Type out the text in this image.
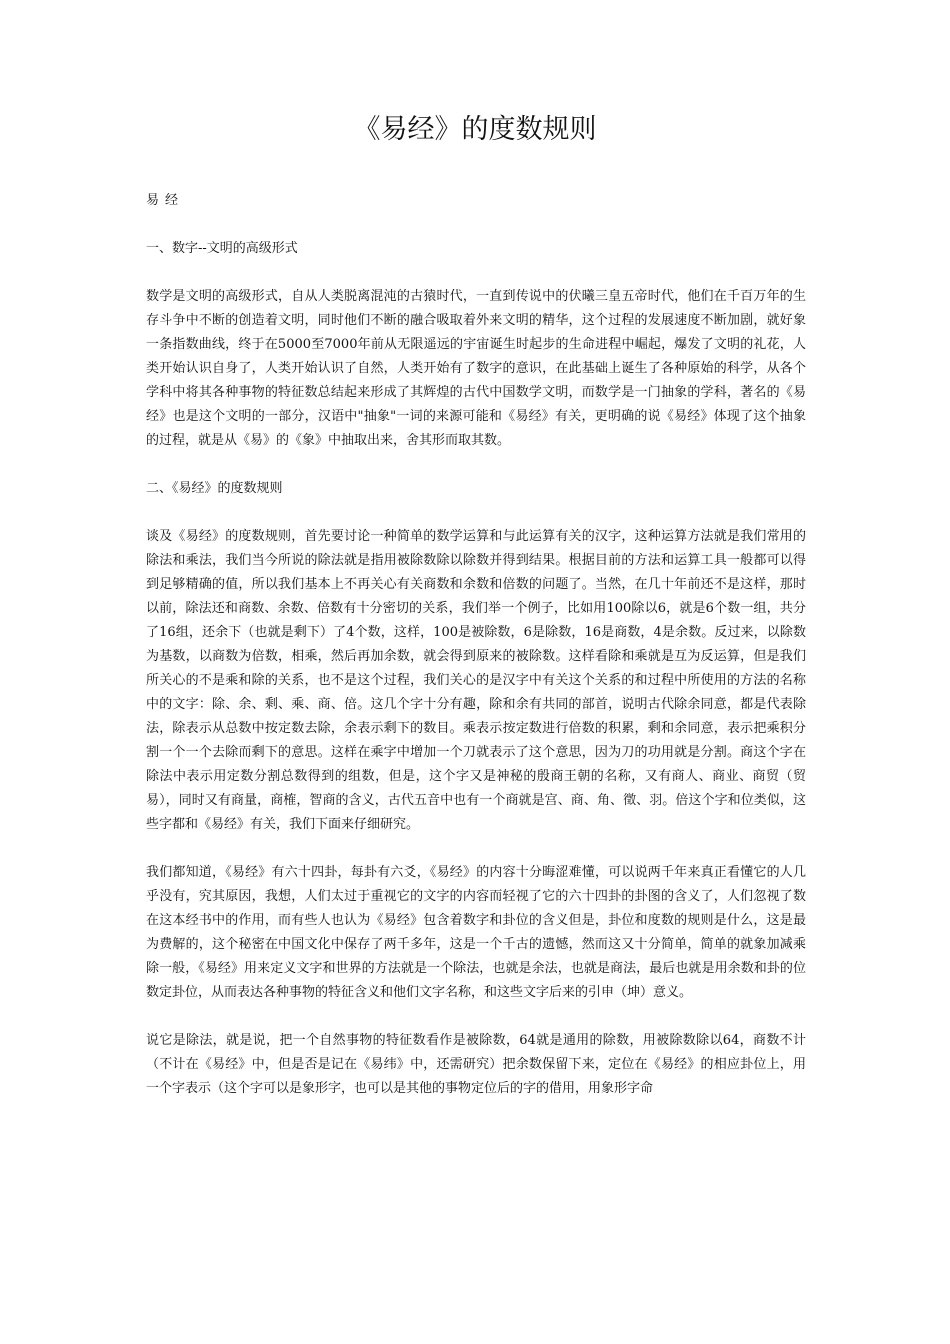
《易经》的度数规则

易经

一、数字--文明的高级形式

数学是文明的高级形式，自从人类脱离混沌的古猿时代，一直到传说中的伏曦三皇五帝时代，他们在千百万年的生存斗争中不断的创造着文明，同时他们不断的融合吸取着外来文明的精华，这个过程的发展速度不断加剧，就好象一条指数曲线，终于在5000至7000年前从无限遥远的宇宙诞生时起步的生命进程中崛起，爆发了文明的礼花，人类开始认识自身了，人类开始认识了自然，人类开始有了数字的意识，在此基础上诞生了各种原始的科学，从各个学科中将其各种事物的特征数总结起来形成了其辉煌的古代中国数学文明，而数学是一门抽象的学科，著名的《易经》也是这个文明的一部分，汉语中"抽象"一词的来源可能和《易经》有关，更明确的说《易经》体现了这个抽象的过程，就是从《易》的《象》中抽取出来，舍其形而取其数。

二、《易经》的度数规则

谈及《易经》的度数规则，首先要讨论一种简单的数学运算和与此运算有关的汉字，这种运算方法就是我们常用的除法和乘法，我们当今所说的除法就是指用被除数除以除数并得到结果。根据目前的方法和运算工具一般都可以得到足够精确的值，所以我们基本上不再关心有关商数和余数和倍数的问题了。当然，在几十年前还不是这样，那时以前，除法还和商数、余数、倍数有十分密切的关系，我们举一个例子，比如用100除以6，就是6个数一组，共分了16组，还余下（也就是剩下）了4个数，这样，100是被除数，6是除数，16是商数，4是余数。反过来，以除数为基数，以商数为倍数，相乘，然后再加余数，就会得到原来的被除数。这样看除和乘就是互为反运算，但是我们所关心的不是乘和除的关系，也不是这个过程，我们关心的是汉字中有关这个关系的和过程中所使用的方法的名称中的文字：除、余、剩、乘、商、倍。这几个字十分有趣，除和余有共同的部首，说明古代除余同意，都是代表除法，除表示从总数中按定数去除，余表示剩下的数目。乘表示按定数进行倍数的积累，剩和余同意，表示把乘积分割一个一个去除而剩下的意思。这样在乘字中增加一个刀就表示了这个意思，因为刀的功用就是分割。商这个字在除法中表示用定数分割总数得到的组数，但是，这个字又是神秘的殷商王朝的名称，又有商人、商业、商贸（贸易），同时又有商量，商榷，智商的含义，古代五音中也有一个商就是宫、商、角、徵、羽。倍这个字和位类似，这些字都和《易经》有关，我们下面来仔细研究。

我们都知道，《易经》有六十四卦，每卦有六爻，《易经》的内容十分晦涩难懂，可以说两千年来真正看懂它的人几乎没有，究其原因，我想，人们太过于重视它的文字的内容而轻视了它的六十四卦的卦图的含义了，人们忽视了数在这本经书中的作用，而有些人也认为《易经》包含着数字和卦位的含义但是，卦位和度数的规则是什么，这是最为费解的，这个秘密在中国文化中保存了两千多年，这是一个千古的遗憾，然而这又十分简单，简单的就象加减乘除一般，《易经》用来定义文字和世界的方法就是一个除法，也就是余法，也就是商法，最后也就是用余数和卦的位数定卦位，从而表达各种事物的特征含义和他们文字名称，和这些文字后来的引申（坤）意义。

说它是除法，就是说，把一个自然事物的特征数看作是被除数，64就是通用的除数，用被除数除以64，商数不计（不计在《易经》中，但是否是记在《易纬》中，还需研究）把余数保留下来，定位在《易经》的相应卦位上，用一个字表示（这个字可以是象形字，也可以是其他的事物定位后的字的借用，用象形字命
